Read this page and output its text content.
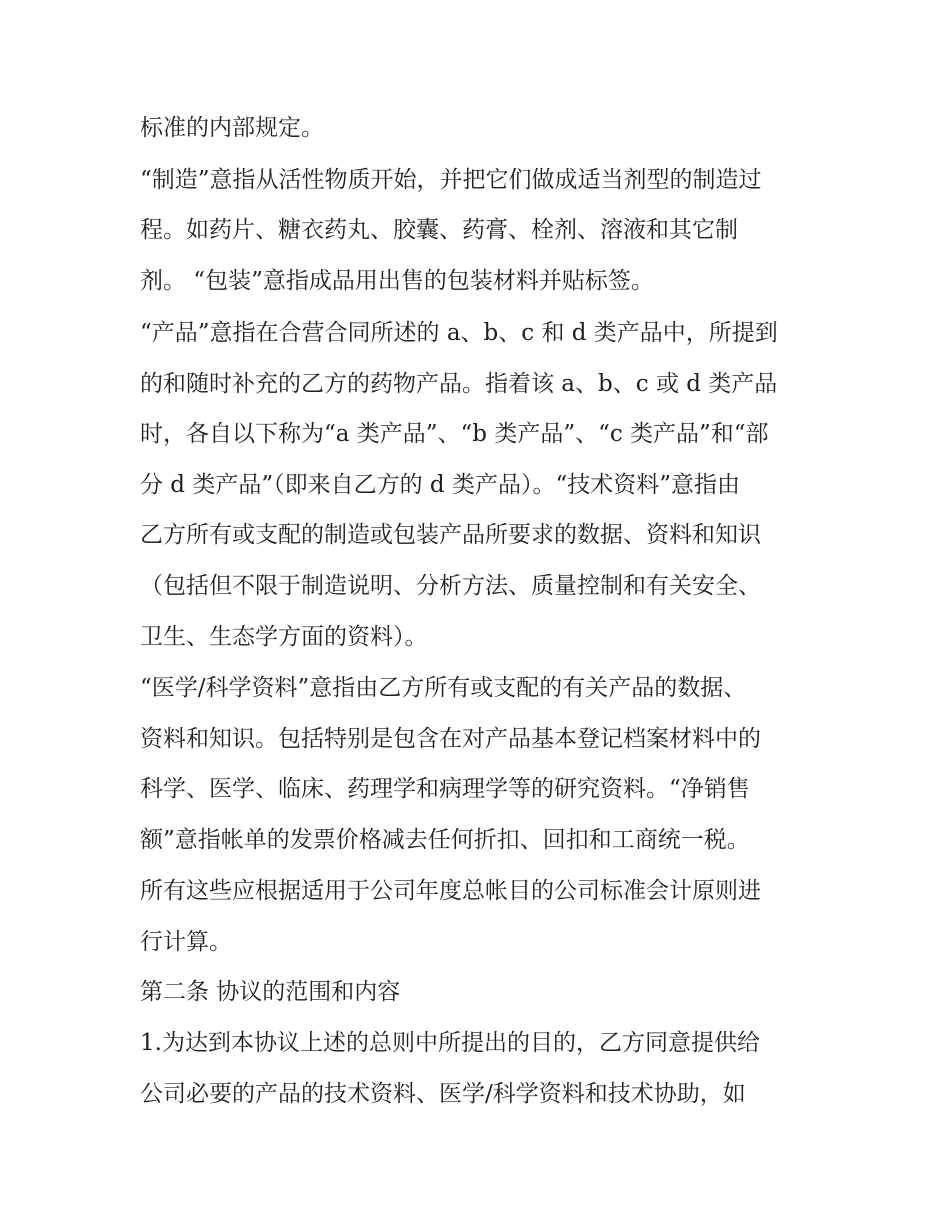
标准的内部规定。
“制造”意指从活性物质开始，并把它们做成适当剂型的制造过
程。如药片、糖衣药丸、胶囊、药膏、栓剂、溶液和其它制
剂。 “包装”意指成品用出售的包装材料并贴标签。
“产品”意指在合营合同所述的 a、b、c 和 d 类产品中，所提到
的和随时补充的乙方的药物产品。指着该 a、b、c 或 d 类产品
时，各自以下称为“a 类产品”、“b 类产品”、“c 类产品”和“部
分 d 类产品”（即来自乙方的 d 类产品）。“技术资料”意指由
乙方所有或支配的制造或包装产品所要求的数据、资料和知识
（包括但不限于制造说明、分析方法、质量控制和有关安全、
卫生、生态学方面的资料）。
“医学/科学资料”意指由乙方所有或支配的有关产品的数据、
资料和知识。包括特别是包含在对产品基本登记档案材料中的
科学、医学、临床、药理学和病理学等的研究资料。“净销售
额”意指帐单的发票价格减去任何折扣、回扣和工商统一税。
所有这些应根据适用于公司年度总帐目的公司标准会计原则进
行计算。
第二条 协议的范围和内容
1.为达到本协议上述的总则中所提出的目的，乙方同意提供给
公司必要的产品的技术资料、医学/科学资料和技术协助，如
